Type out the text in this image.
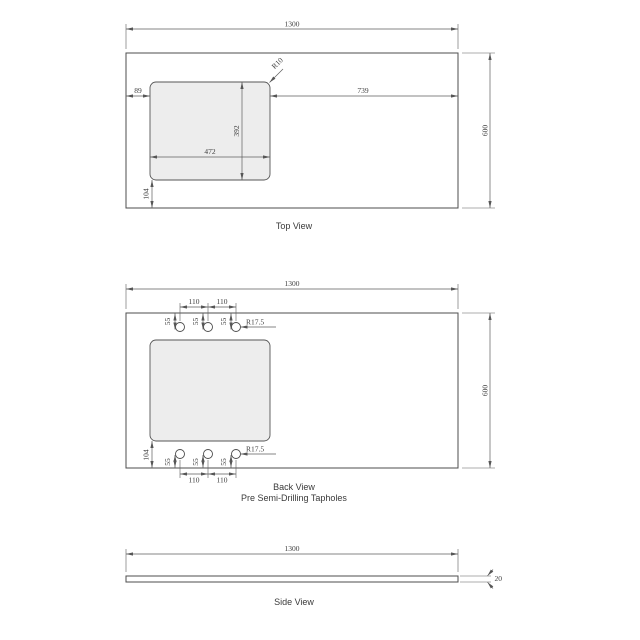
1300
600
89	739
472
392
104
R10
Top View
1300
600
110 110
55	55	55 R17.5
55	55	55
110 110
R17.5
104
Back View
Pre Semi-Drilling Tapholes
1300
20
Side View
